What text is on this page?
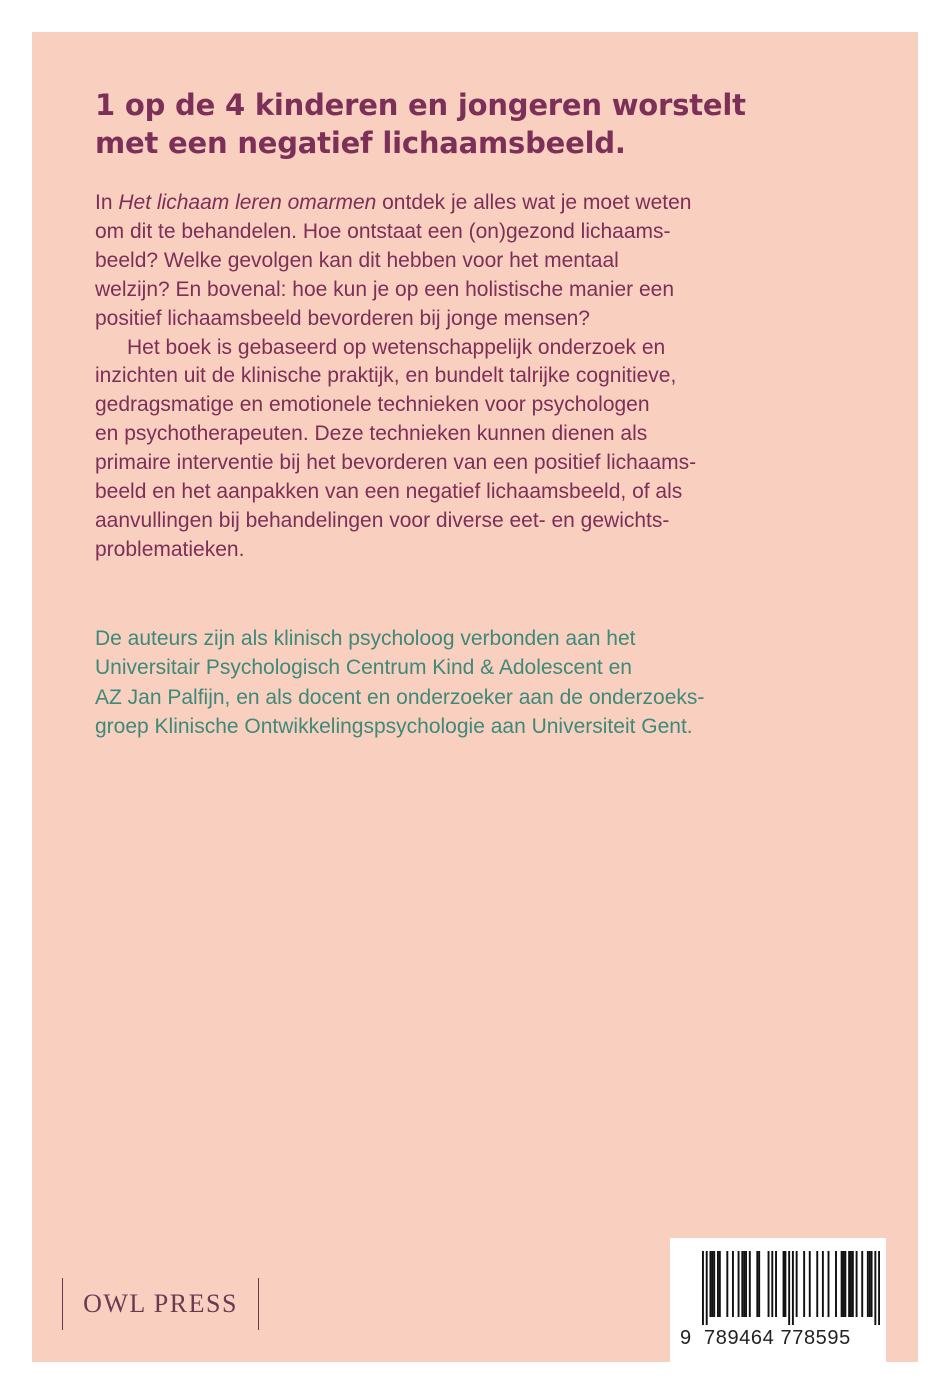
1 op de 4 kinderen en jongeren worstelt
met een negatief lichaamsbeeld.
In Het lichaam leren omarmen ontdek je alles wat je moet weten
om dit te behandelen. Hoe ontstaat een (on)gezond lichaams-
beeld? Welke gevolgen kan dit hebben voor het mentaal
welzijn? En bovenal: hoe kun je op een holistische manier een
positief lichaamsbeeld bevorderen bij jonge mensen?
Het boek is gebaseerd op wetenschappelijk onderzoek en
inzichten uit de klinische praktijk, en bundelt talrijke cognitieve,
gedragsmatige en emotionele technieken voor psychologen
en psychotherapeuten. Deze technieken kunnen dienen als
primaire interventie bij het bevorderen van een positief lichaams-
beeld en het aanpakken van een negatief lichaamsbeeld, of als
aanvullingen bij behandelingen voor diverse eet- en gewichts-
problematieken.
De auteurs zijn als klinisch psycholoog verbonden aan het
Universitair Psychologisch Centrum Kind & Adolescent en
AZ Jan Palfijn, en als docent en onderzoeker aan de onderzoeks-
groep Klinische Ontwikkelingspsychologie aan Universiteit Gent.
OWL PRESS
9 789464 778595
